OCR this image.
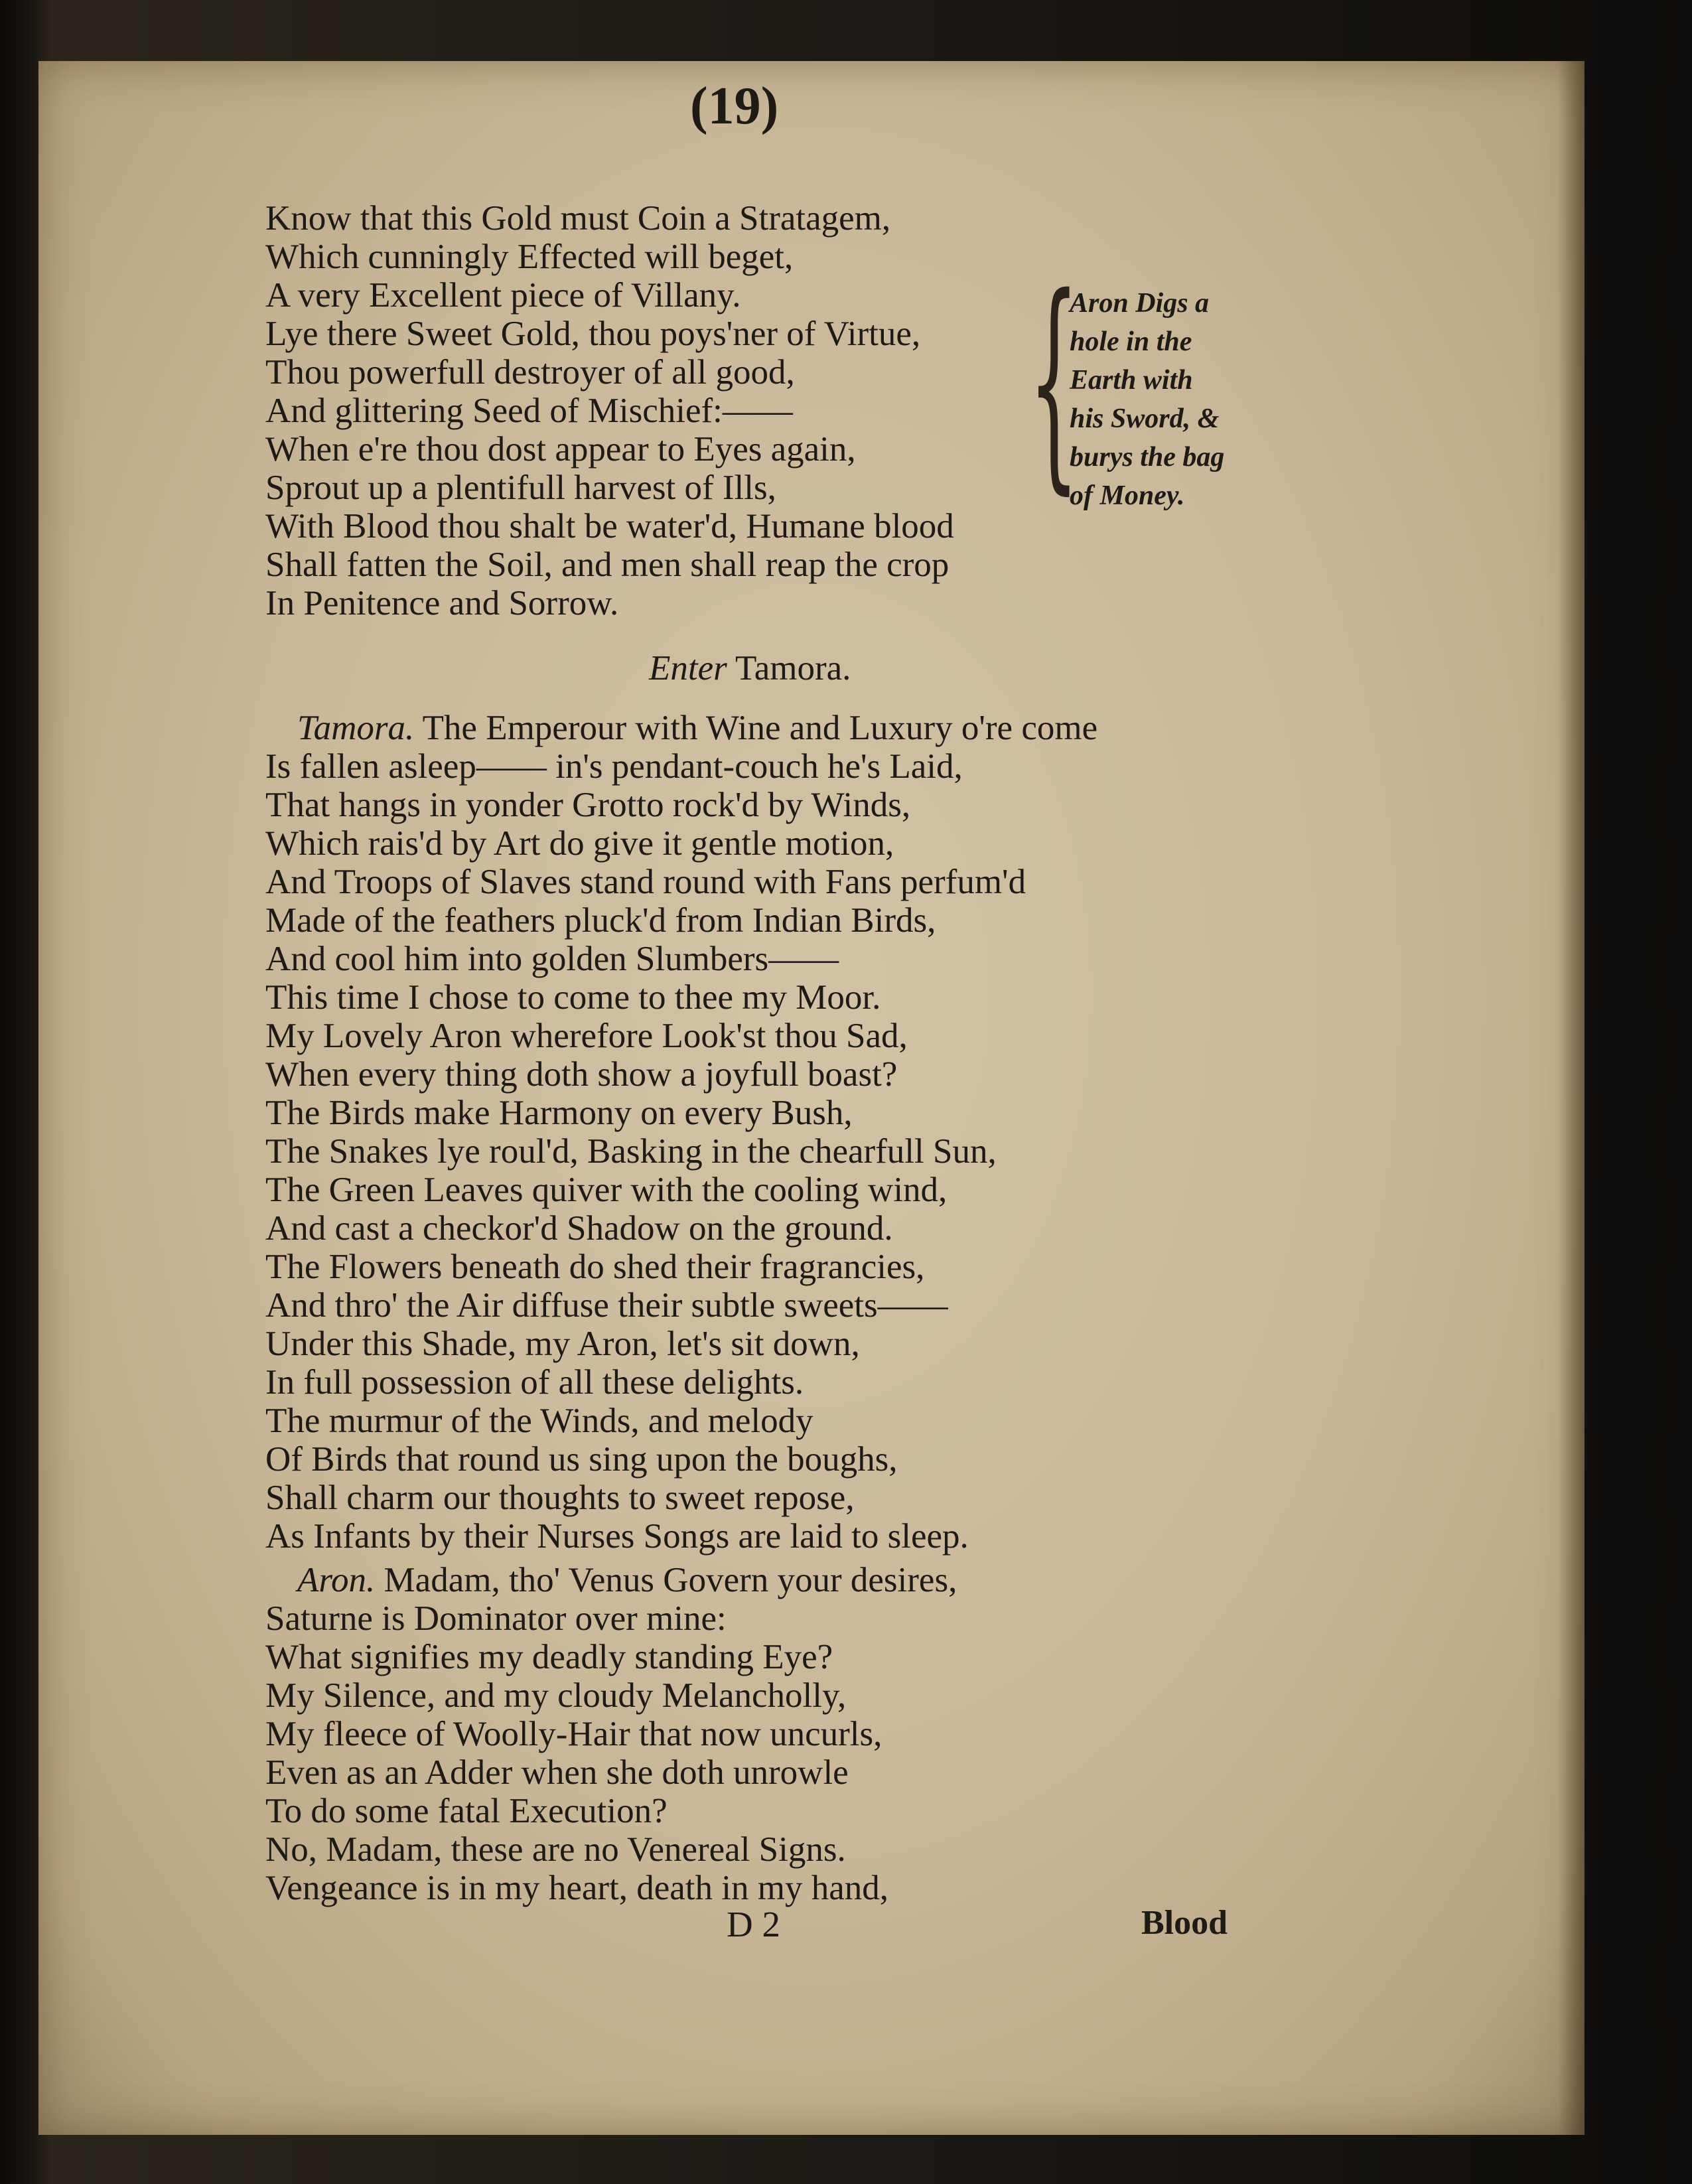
(19)
Know that this Gold must Coin a Stratagem,
Which cunningly Effected will beget,
A very Excellent piece of Villany.
Lye there Sweet Gold, thou poys'ner of Virtue,
Thou powerfull destroyer of all good,
And glittering Seed of Mischief:——
When e're thou dost appear to Eyes again,
Sprout up a plentifull harvest of Ills,
With Blood thou shalt be water'd, Humane blood
Shall fatten the Soil, and men shall reap the crop
In Penitence and Sorrow.
{
Aron Digs a
hole in the
Earth with
his Sword, &
burys the bag
of Money.
Enter Tamora.
Tamora. The Emperour with Wine and Luxury o're come
Is fallen asleep—— in's pendant-couch he's Laid,
That hangs in yonder Grotto rock'd by Winds,
Which rais'd by Art do give it gentle motion,
And Troops of Slaves stand round with Fans perfum'd
Made of the feathers pluck'd from Indian Birds,
And cool him into golden Slumbers——
This time I chose to come to thee my Moor.
My Lovely Aron wherefore Look'st thou Sad,
When every thing doth show a joyfull boast?
The Birds make Harmony on every Bush,
The Snakes lye roul'd, Basking in the chearfull Sun,
The Green Leaves quiver with the cooling wind,
And cast a checkor'd Shadow on the ground.
The Flowers beneath do shed their fragrancies,
And thro' the Air diffuse their subtle sweets——
Under this Shade, my Aron, let's sit down,
In full possession of all these delights.
The murmur of the Winds, and melody
Of Birds that round us sing upon the boughs,
Shall charm our thoughts to sweet repose,
As Infants by their Nurses Songs are laid to sleep.
Aron. Madam, tho' Venus Govern your desires,
Saturne is Dominator over mine:
What signifies my deadly standing Eye?
My Silence, and my cloudy Melancholly,
My fleece of Woolly-Hair that now uncurls,
Even as an Adder when she doth unrowle
To do some fatal Execution?
No, Madam, these are no Venereal Signs.
Vengeance is in my heart, death in my hand,
D 2	Blood
